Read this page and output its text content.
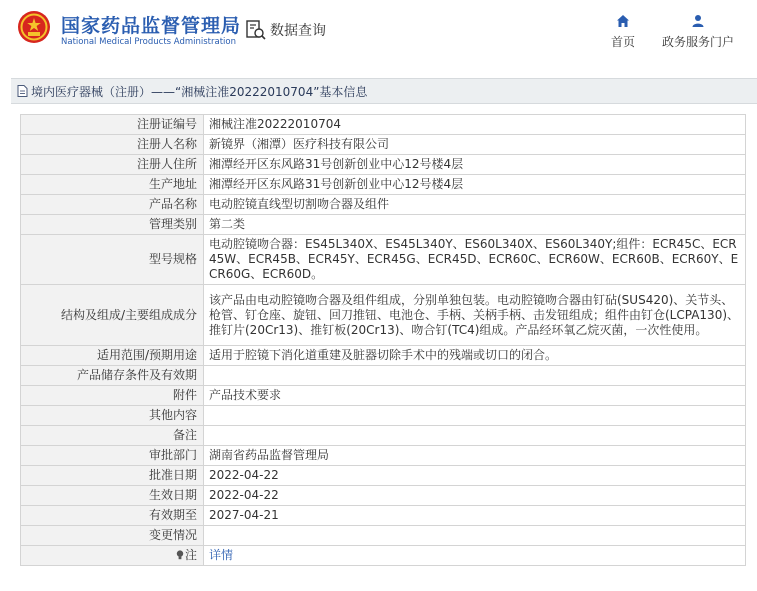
国家药品监督管理局
National Medical Products Administration
数据查询
首页 政务服务门户
境内医疗器械（注册）——“湘械注准20222010704”基本信息
注册证编号	湘械注准20222010704
注册人名称	新镜界（湘潭）医疗科技有限公司
注册人住所	湘潭经开区东风路31号创新创业中心12号楼4层
生产地址	湘潭经开区东风路31号创新创业中心12号楼4层
产品名称	电动腔镜直线型切割吻合器及组件
管理类别	第二类
型号规格	电动腔镜吻合器：ES45L340X、ES45L340Y、ES60L340X、ES60L340Y;组件：ECR45C、ECR45W、ECR45B、ECR45Y、ECR45G、ECR45D、ECR60C、ECR60W、ECR60B、ECR60Y、ECR60G、ECR60D。
结构及组成/主要组成成分	该产品由电动腔镜吻合器及组件组成，分别单独包装。电动腔镜吻合器由钉砧(SUS420)、关节头、枪管、钉仓座、旋钮、回刀推钮、电池仓、手柄、关柄手柄、击发钮组成；组件由钉仓(LCPA130)、推钉片(20Cr13)、推钉板(20Cr13)、吻合钉(TC4)组成。产品经环氧乙烷灭菌，一次性使用。
适用范围/预期用途	适用于腔镜下消化道重建及脏器切除手术中的残端或切口的闭合。
产品储存条件及有效期	
附件	产品技术要求
其他内容	
备注	
审批部门	湖南省药品监督管理局
批准日期	2022-04-22
生效日期	2022-04-22
有效期至	2027-04-21
变更情况	
注	详情
